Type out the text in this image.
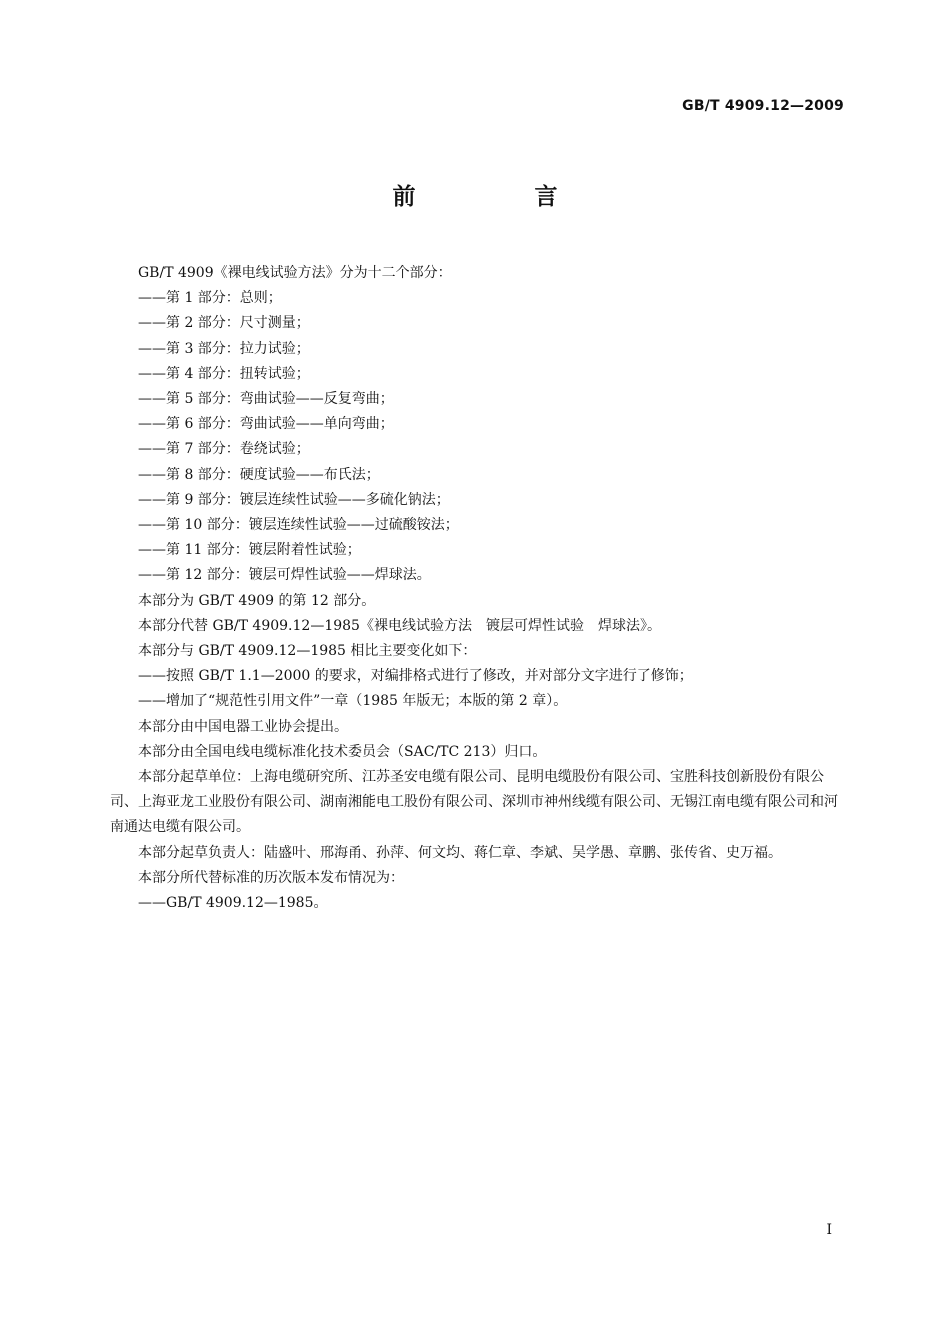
GB/T 4909.12—2009
前　言

GB/T 4909《裸电线试验方法》分为十二个部分：

——第 1 部分：总则；

——第 2 部分：尺寸测量；

——第 3 部分：拉力试验；

——第 4 部分：扭转试验；

——第 5 部分：弯曲试验——反复弯曲；

——第 6 部分：弯曲试验——单向弯曲；

——第 7 部分：卷绕试验；

——第 8 部分：硬度试验——布氏法；

——第 9 部分：镀层连续性试验——多硫化钠法；

——第 10 部分：镀层连续性试验——过硫酸铵法；

——第 11 部分：镀层附着性试验；

——第 12 部分：镀层可焊性试验——焊球法。

本部分为 GB/T 4909 的第 12 部分。

本部分代替 GB/T 4909.12—1985《裸电线试验方法　镀层可焊性试验　焊球法》。

本部分与 GB/T 4909.12—1985 相比主要变化如下：

——按照 GB/T 1.1—2000 的要求，对编排格式进行了修改，并对部分文字进行了修饰；

——增加了“规范性引用文件”一章（1985 年版无；本版的第 2 章）。

本部分由中国电器工业协会提出。

本部分由全国电线电缆标准化技术委员会（SAC/TC 213）归口。

本部分起草单位：上海电缆研究所、江苏圣安电缆有限公司、昆明电缆股份有限公司、宝胜科技创新股份有限公司、上海亚龙工业股份有限公司、湖南湘能电工股份有限公司、深圳市神州线缆有限公司、无锡江南电缆有限公司和河南通达电缆有限公司。

本部分起草负责人：陆盛叶、邢海甬、孙萍、何文均、蒋仁章、李斌、吴学愚、章鹏、张传省、史万福。

本部分所代替标准的历次版本发布情况为：

——GB/T 4909.12—1985。

I
